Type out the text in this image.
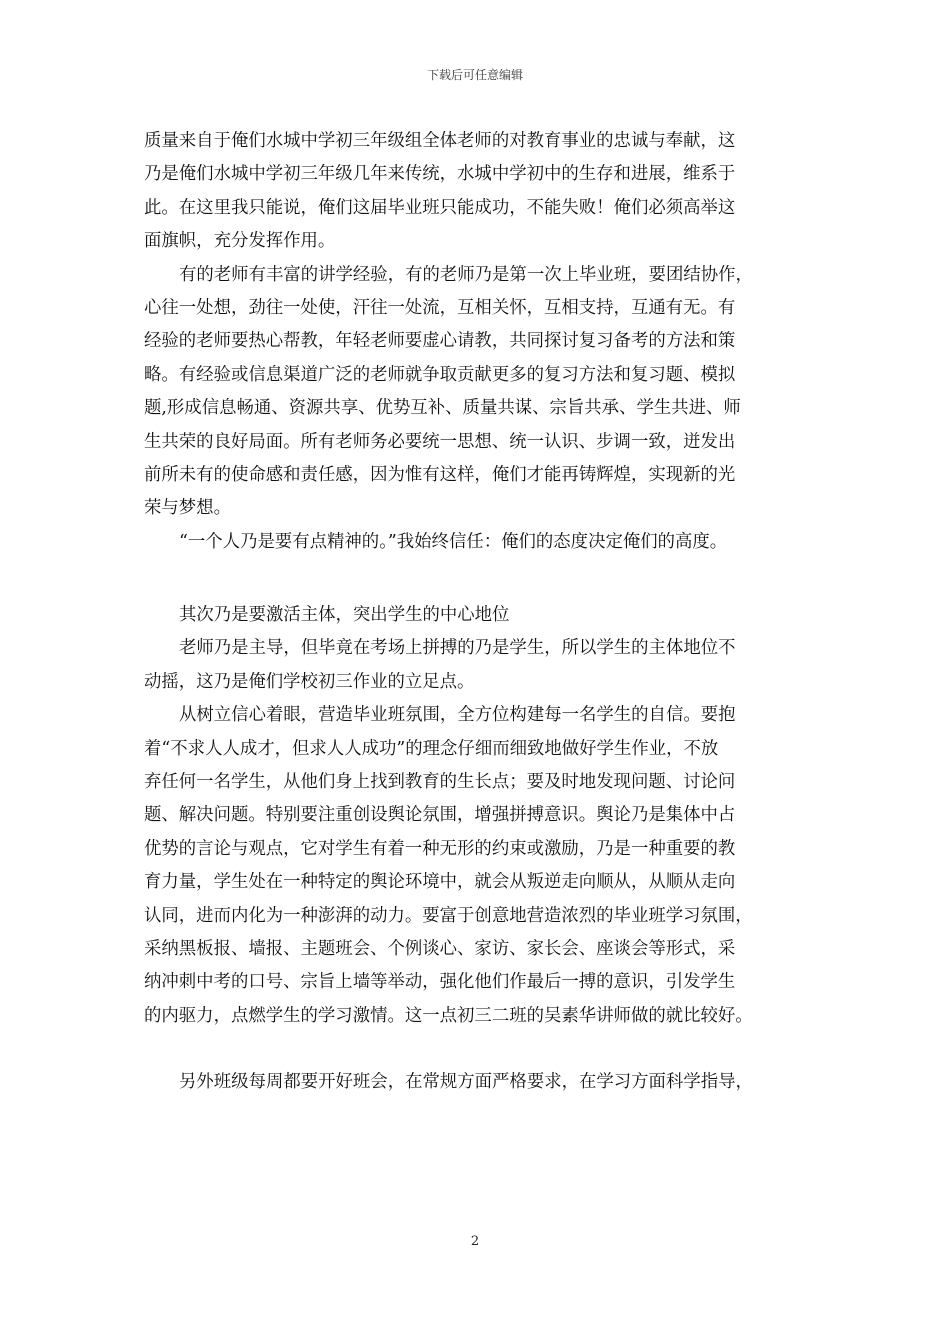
下载后可任意编辑
质量来自于俺们水城中学初三年级组全体老师的对教育事业的忠诚与奉献，这
乃是俺们水城中学初三年级几年来传统，水城中学初中的生存和进展，维系于
此。在这里我只能说，俺们这届毕业班只能成功，不能失败！俺们必须高举这
面旗帜，充分发挥作用。
有的老师有丰富的讲学经验，有的老师乃是第一次上毕业班，要团结协作，
心往一处想，劲往一处使，汗往一处流，互相关怀，互相支持，互通有无。有
经验的老师要热心帮教，年轻老师要虚心请教，共同探讨复习备考的方法和策
略。有经验或信息渠道广泛的老师就争取贡献更多的复习方法和复习题、模拟
题,形成信息畅通、资源共享、优势互补、质量共谋、宗旨共承、学生共进、师
生共荣的良好局面。所有老师务必要统一思想、统一认识、步调一致，迸发出
前所未有的使命感和责任感，因为惟有这样，俺们才能再铸辉煌，实现新的光
荣与梦想。
“一个人乃是要有点精神的。”我始终信任：俺们的态度决定俺们的高度。
其次乃是要激活主体，突出学生的中心地位
老师乃是主导，但毕竟在考场上拼搏的乃是学生，所以学生的主体地位不
动摇，这乃是俺们学校初三作业的立足点。
从树立信心着眼，营造毕业班氛围，全方位构建每一名学生的自信。要抱
着“不求人人成才，但求人人成功”的理念仔细而细致地做好学生作业，不放
弃任何一名学生，从他们身上找到教育的生长点；要及时地发现问题、讨论问
题、解决问题。特别要注重创设舆论氛围，增强拼搏意识。舆论乃是集体中占
优势的言论与观点，它对学生有着一种无形的约束或激励，乃是一种重要的教
育力量，学生处在一种特定的舆论环境中，就会从叛逆走向顺从，从顺从走向
认同，进而内化为一种澎湃的动力。要富于创意地营造浓烈的毕业班学习氛围，
采纳黑板报、墙报、主题班会、个例谈心、家访、家长会、座谈会等形式，采
纳冲刺中考的口号、宗旨上墙等举动，强化他们作最后一搏的意识，引发学生
的内驱力，点燃学生的学习激情。这一点初三二班的吴素华讲师做的就比较好。
另外班级每周都要开好班会，在常规方面严格要求，在学习方面科学指导，
2
